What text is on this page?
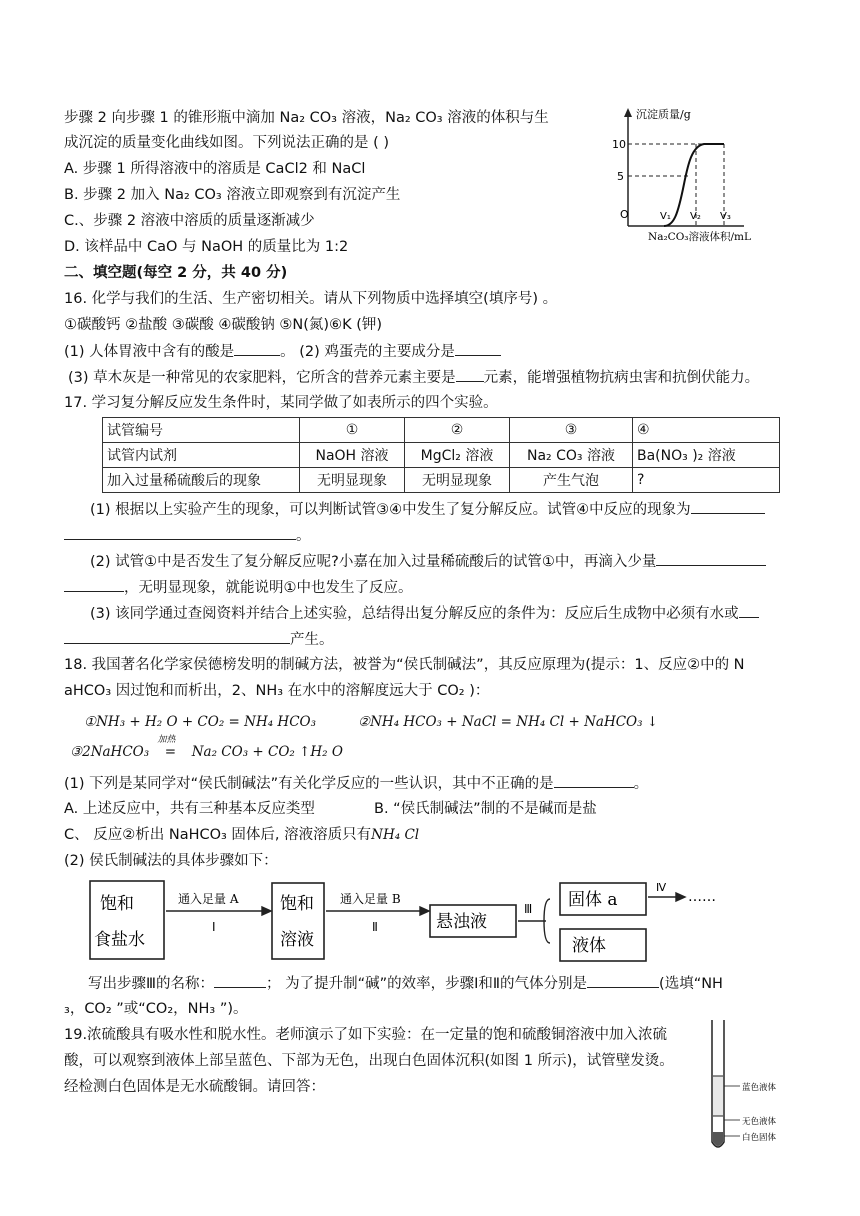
步骤 2 向步骤 1 的锥形瓶中滴加 Na₂ CO₃ 溶液，Na₂ CO₃ 溶液的体积与生
成沉淀的质量变化曲线如图。下列说法正确的是 ( )
A. 步骤 1 所得溶液中的溶质是 CaCl2 和 NaCl
B. 步骤 2 加入 Na₂ CO₃ 溶液立即观察到有沉淀产生
C.、步骤 2 溶液中溶质的质量逐渐减少
D. 该样品中 CaO 与 NaOH 的质量比为 1:2
沉淀质量/g
10
5
O	V₁ V₂ V₃
Na₂CO₃溶液体积/mL
二、填空题(每空 2 分，共 40 分)
16. 化学与我们的生活、生产密切相关。请从下列物质中选择填空(填序号) 。
①碳酸钙 ②盐酸 ③碳酸 ④碳酸钠 ⑤N(氮)⑥K (钾)
(1) 人体胃液中含有的酸是	。 (2) 鸡蛋壳的主要成分是
(3) 草木灰是一种常见的农家肥料，它所含的营养元素主要是 元素，能增强植物抗病虫害和抗倒伏能力。
17. 学习复分解反应发生条件时，某同学做了如表所示的四个实验。
试管编号	①	②	③	④
试管内试剂	NaOH 溶液	MgCl₂ 溶液	Na₂ CO₃ 溶液	Ba(NO₃ )₂ 溶液
加入过量稀硫酸后的现象	无明显现象	无明显现象	产生气泡	?
(1) 根据以上实验产生的现象，可以判断试管③④中发生了复分解反应。试管④中反应的现象为
。
(2) 试管①中是否发生了复分解反应呢?小嘉在加入过量稀硫酸后的试管①中，再滴入少量
，无明显现象，就能说明①中也发生了反应。
(3) 该同学通过查阅资料并结合上述实验，总结得出复分解反应的条件为：反应后生成物中必须有水或
产生。
18. 我国著名化学家侯德榜发明的制碱方法，被誉为“侯氏制碱法”，其反应原理为(提示：1、反应②中的 N
aHCO₃ 因过饱和而析出，2、NH₃ 在水中的溶解度远大于 CO₂ )：
①NH₃ + H₂ O + CO₂ = NH₄ HCO₃	②NH₄ HCO₃ + NaCl = NH₄ Cl + NaHCO₃ ↓
③2NaHCO₃
加热
= Na₂ CO₃ + CO₂ ↑H₂ O
(1) 下列是某同学对“侯氏制碱法”有关化学反应的一些认识，其中不正确的是	。
A. 上述反应中，共有三种基本反应类型	B. “侯氏制碱法”制的不是碱而是盐
C、 反应②析出 NaHCO₃ 固体后, 溶液溶质只有NH₄ Cl
(2) 侯氏制碱法的具体步骤如下：
饱和
食盐水
通入足量 A
Ⅰ
饱和
溶液
通入足量 B
Ⅱ	悬浊液
Ⅲ 固体 a
Ⅳ
……
液体
写出步骤Ⅲ的名称：	； 为了提升制“碱”的效率，步骤Ⅰ和Ⅱ的气体分别是	(选填“NH
₃，CO₂ ”或“CO₂，NH₃ ”)。
19.浓硫酸具有吸水性和脱水性。老师演示了如下实验：在一定量的饱和硫酸铜溶液中加入浓硫
酸，可以观察到液体上部呈蓝色、下部为无色，出现白色固体沉积(如图 1 所示)，试管壁发烫。
经检测白色固体是无水硫酸铜。请回答：	蓝色液体
无色液体
白色固体
